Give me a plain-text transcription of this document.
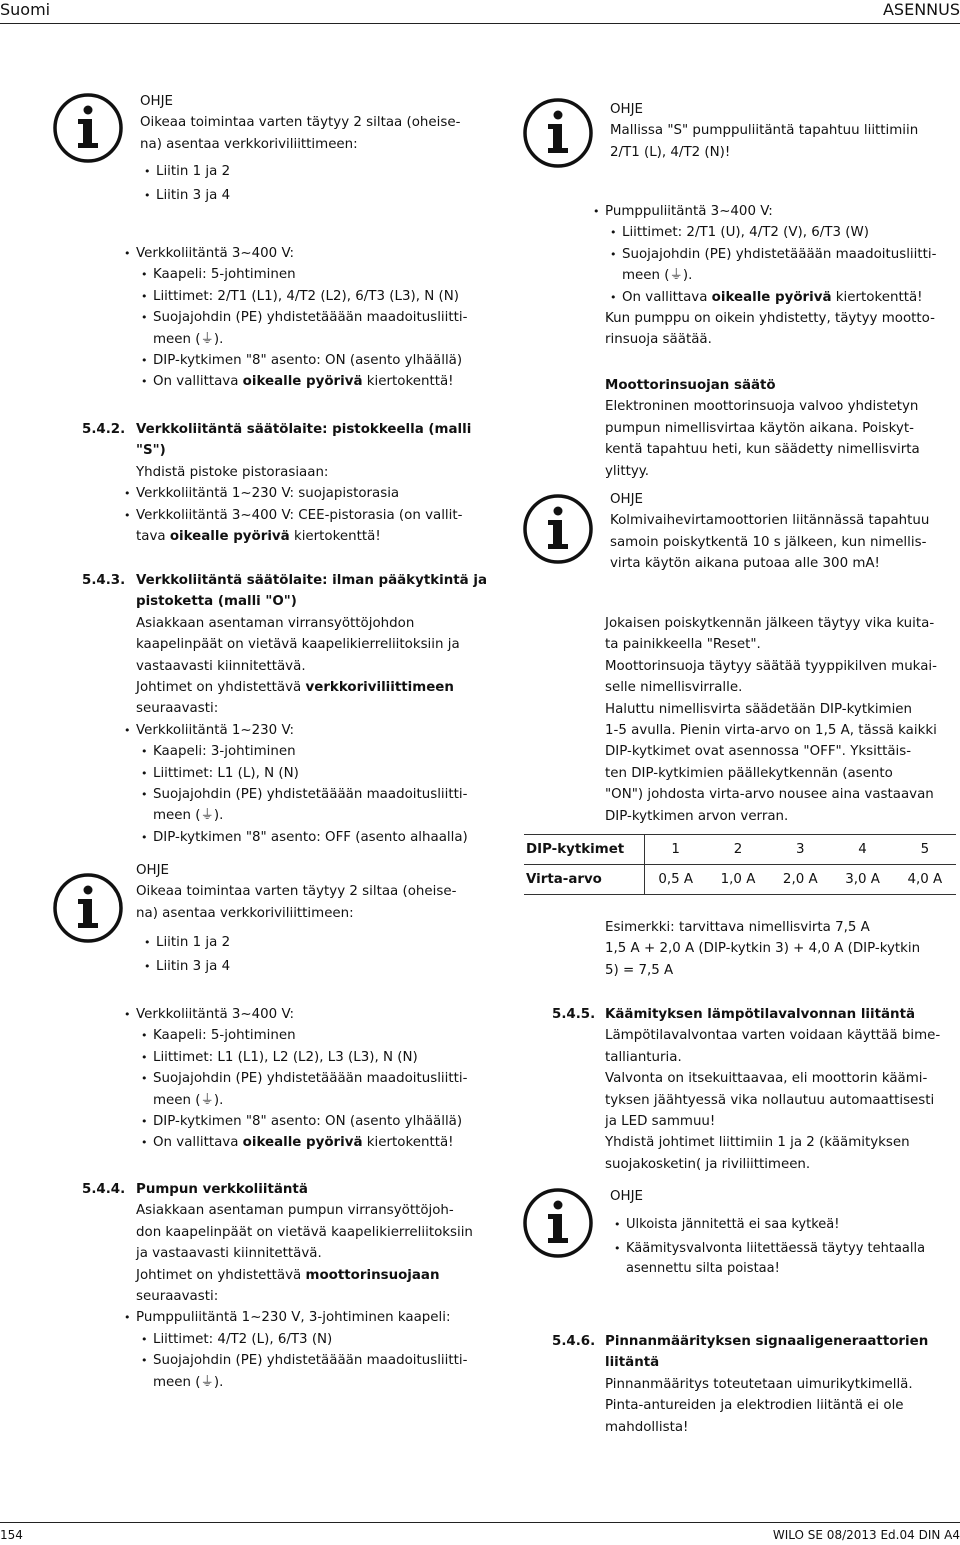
Suomi	ASENNUS
OHJE
Oikeaa toimintaa varten täytyy 2 siltaa (oheise-
na) asentaa verkkoriviliittimeen:
• Liitin 1 ja 2
• Liitin 3 ja 4
• Verkkoliitäntä 3~400 V:
• Kaapeli: 5-johtiminen
• Liittimet: 2/T1 (L1), 4/T2 (L2), 6/T3 (L3), N (N)
• Suojajohdin (PE) yhdistetääään maadoitusliitti-
meen (⏚).
• DIP-kytkimen "8" asento: ON (asento ylhäällä)
• On vallittava oikealle pyörivä kiertokenttä!
5.4.2. Verkkoliitäntä säätölaite: pistokkeella (malli
"S")
Yhdistä pistoke pistorasiaan:
• Verkkoliitäntä 1~230 V: suojapistorasia
• Verkkoliitäntä 3~400 V: CEE-pistorasia (on vallit-
tava oikealle pyörivä kiertokenttä!
5.4.3. Verkkoliitäntä säätölaite: ilman pääkytkintä ja
pistoketta (malli "O")
Asiakkaan asentaman virransyöttöjohdon
kaapelinpäät on vietävä kaapelikierreliitoksiin ja
vastaavasti kiinnitettävä.
Johtimet on yhdistettävä verkkoriviliittimeen
seuraavasti:
• Verkkoliitäntä 1~230 V:
• Kaapeli: 3-johtiminen
• Liittimet: L1 (L), N (N)
• Suojajohdin (PE) yhdistetääään maadoitusliitti-
meen (⏚).
• DIP-kytkimen "8" asento: OFF (asento alhaalla)
OHJE
Oikeaa toimintaa varten täytyy 2 siltaa (oheise-
na) asentaa verkkoriviliittimeen:
• Liitin 1 ja 2
• Liitin 3 ja 4
• Verkkoliitäntä 3~400 V:
• Kaapeli: 5-johtiminen
• Liittimet: L1 (L1), L2 (L2), L3 (L3), N (N)
• Suojajohdin (PE) yhdistetääään maadoitusliitti-
meen (⏚).
• DIP-kytkimen "8" asento: ON (asento ylhäällä)
• On vallittava oikealle pyörivä kiertokenttä!
5.4.4. Pumpun verkkoliitäntä
Asiakkaan asentaman pumpun virransyöttöjoh-
don kaapelinpäät on vietävä kaapelikierreliitoksiin
ja vastaavasti kiinnitettävä.
Johtimet on yhdistettävä moottorinsuojaan
seuraavasti:
• Pumppuliitäntä 1~230 V, 3-johtiminen kaapeli:
• Liittimet: 4/T2 (L), 6/T3 (N)
• Suojajohdin (PE) yhdistetääään maadoitusliitti-
meen (⏚).
OHJE
Mallissa "S" pumppuliitäntä tapahtuu liittimiin
2/T1 (L), 4/T2 (N)!
• Pumppuliitäntä 3~400 V:
• Liittimet: 2/T1 (U), 4/T2 (V), 6/T3 (W)
• Suojajohdin (PE) yhdistetääään maadoitusliitti-
meen (⏚).
• On vallittava oikealle pyörivä kiertokenttä!
Kun pumppu on oikein yhdistetty, täytyy mootto-
rinsuoja säätää.
Moottorinsuojan säätö
Elektroninen moottorinsuoja valvoo yhdistetyn
pumpun nimellisvirtaa käytön aikana. Poiskyt-
kentä tapahtuu heti, kun säädetty nimellisvirta
ylittyy.
OHJE
Kolmivaihevirtamoottorien liitännässä tapahtuu
samoin poiskytkentä 10 s jälkeen, kun nimellis-
virta käytön aikana putoaa alle 300 mA!
Jokaisen poiskytkennän jälkeen täytyy vika kuita-
ta painikkeella "Reset".
Moottorinsuoja täytyy säätää tyyppikilven mukai-
selle nimellisvirralle.
Haluttu nimellisvirta säädetään DIP-kytkimien
1-5 avulla. Pienin virta-arvo on 1,5 A, tässä kaikki
DIP-kytkimet ovat asennossa "OFF". Yksittäis-
ten DIP-kytkimien päällekytkennän (asento
"ON") johdosta virta-arvo nousee aina vastaavan
DIP-kytkimen arvon verran.
DIP-kytkimet	1	2	3	4	5
Virta-arvo	0,5 A	1,0 A	2,0 A	3,0 A	4,0 A
Esimerkki: tarvittava nimellisvirta 7,5 A
1,5 A + 2,0 A (DIP-kytkin 3) + 4,0 A (DIP-kytkin
5) = 7,5 A
5.4.5. Käämityksen lämpötilavalvonnan liitäntä
Lämpötilavalvontaa varten voidaan käyttää bime-
tallianturia.
Valvonta on itsekuittaavaa, eli moottorin käämi-
tyksen jäähtyessä vika nollautuu automaattisesti
ja LED sammuu!
Yhdistä johtimet liittimiin 1 ja 2 (käämityksen
suojakosketin( ja riviliittimeen.
OHJE
• Ulkoista jännitettä ei saa kytkeä!
• Käämitysvalvonta liitettäessä täytyy tehtaalla
asennettu silta poistaa!
5.4.6. Pinnanmäärityksen signaaligeneraattorien
liitäntä
Pinnanmääritys toteutetaan uimurikytkimellä.
Pinta-antureiden ja elektrodien liitäntä ei ole
mahdollista!
154	WILO SE 08/2013 Ed.04 DIN A4
